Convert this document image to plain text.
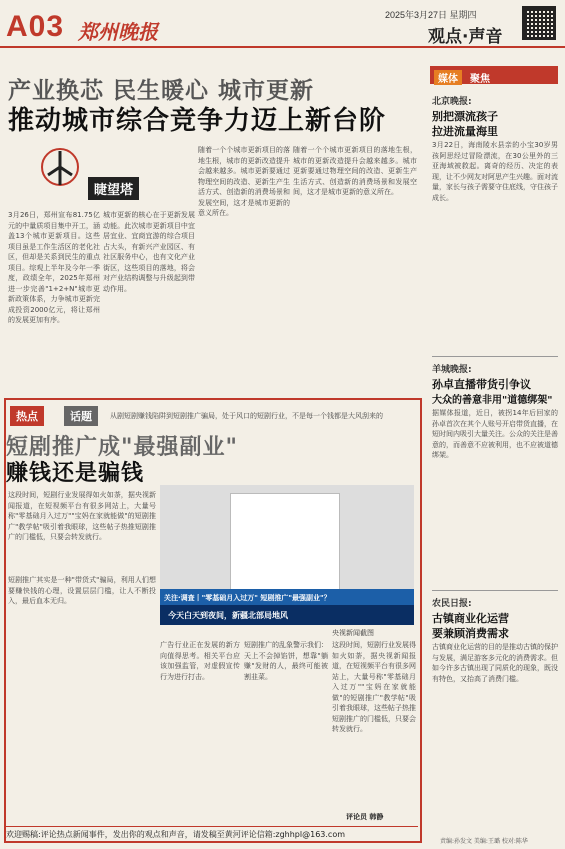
A03 郑州晚报
2025年3月27日 星期四
观点·声音
产业换芯 民生暖心 城市更新
推动城市综合竞争力迈上新台阶
睫望塔
3月26日，郑州宣布81.75亿元的中量质项目集中开工，涵盖13个城市更新项目。这些项目虽是工作生活区的老化社区，但却是关系到民生的重点项目。综观上半年及今年一季度，政绩全年，2025年郑州进一步完善"1+2+N"城市更新政策体系，力争城市更新完成投资2000亿元，将让郑州的发展更加有序。
城市更新的核心在于更新发展动能。此次城市更新项目中宜居宜业、宜商宜游的综合项目占大头，有新兴产业园区、有社区服务中心，也有文化产业街区，这些项目的落地，将会对产业结构调整与升级起到带动作用。
随着一个个城市更新项目的落地生根，城市的更新改造提升会越来越多。城市更新要通过物理空间的改造、更新生产生活方式、创造新的消费场景和发展空间，这才是城市更新的意义所在。
随着一个个城市更新项目的落地生根，城市的更新改造提升会越来越多。城市更新要通过物理空间的改造、更新生产生活方式、创造新的消费场景和发展空间，这才是城市更新的意义所在。
热点	话题	从剧短剧赚钱陷阱到短剧推广骗局，处于风口的短剧行业，不是每一个钱都是大风刮来的
短剧推广成"最强副业"
赚钱还是骗钱
这段时间，短剧行业发展得如火如荼，据央视新闻报道，在短视频平台有很多网站上，大量号称"零基础月入过万""宝妈在家就能做"的短剧推广"教学帖"吸引着我眼球，这些帖子热推短剧推广的门槛低，只要会转发就行。
短剧推广其实是一种"带货式"骗局，利用人们想要赚快钱的心理，设置层层门槛，让人不断投入，最后血本无归。	关注·调查丨"零基础月入过万" 短剧推广"最强副业"？
今天白天到夜间，新疆北部局地风
央视新闻截图
广告行业正在发展的新方向值得思考。相关平台应该加强监管，对虚假宣传行为进行打击。
短剧推广的乱象警示我们：天上不会掉馅饼，想靠"躺赚"发财的人，最终可能被割韭菜。
这段时间，短剧行业发展得如火如荼，据央视新闻报道，在短视频平台有很多网站上，大量号称"零基础月入过万""宝妈在家就能做"的短剧推广"教学帖"吸引着我眼球，这些帖子热推短剧推广的门槛低，只要会转发就行。
评论员 韩静
欢迎赐稿:评论热点新闻事件，发出你的观点和声音，请发稿至黄河评论信箱:zghhpl@163.com
媒体	聚焦
北京晚报:
别把漂流孩子
拉进流量海里
3月22日，海南陵水县亲的小宝30岁男孩阿思经过冒险漂流，在30公里外的三亚海域被救起。离奇的经历、决定的表现，让不少网友对阿思产生兴趣。面对流量，家长与孩子需要守住底线，守住孩子成长。
羊城晚报:
孙卓直播带货引争议
大众的善意非用"道德绑架"
据媒体报道，近日，被拐14年后回家的孙卓首次在其个人账号开启带货直播，在短时间内吸引大量关注。公众的关注是善意的，而善意不应被利用，也不应被道德绑架。
农民日报:
古镇商业化运营
要兼顾消费需求
古镇商业化运营的目的是推动古镇的保护与发展，满足游客多元化的消费需求。但如今许多古镇出现了同质化的现象，既没有特色，又抬高了消费门槛。
责编:孙发文 美编:王璐 校对:陈华
